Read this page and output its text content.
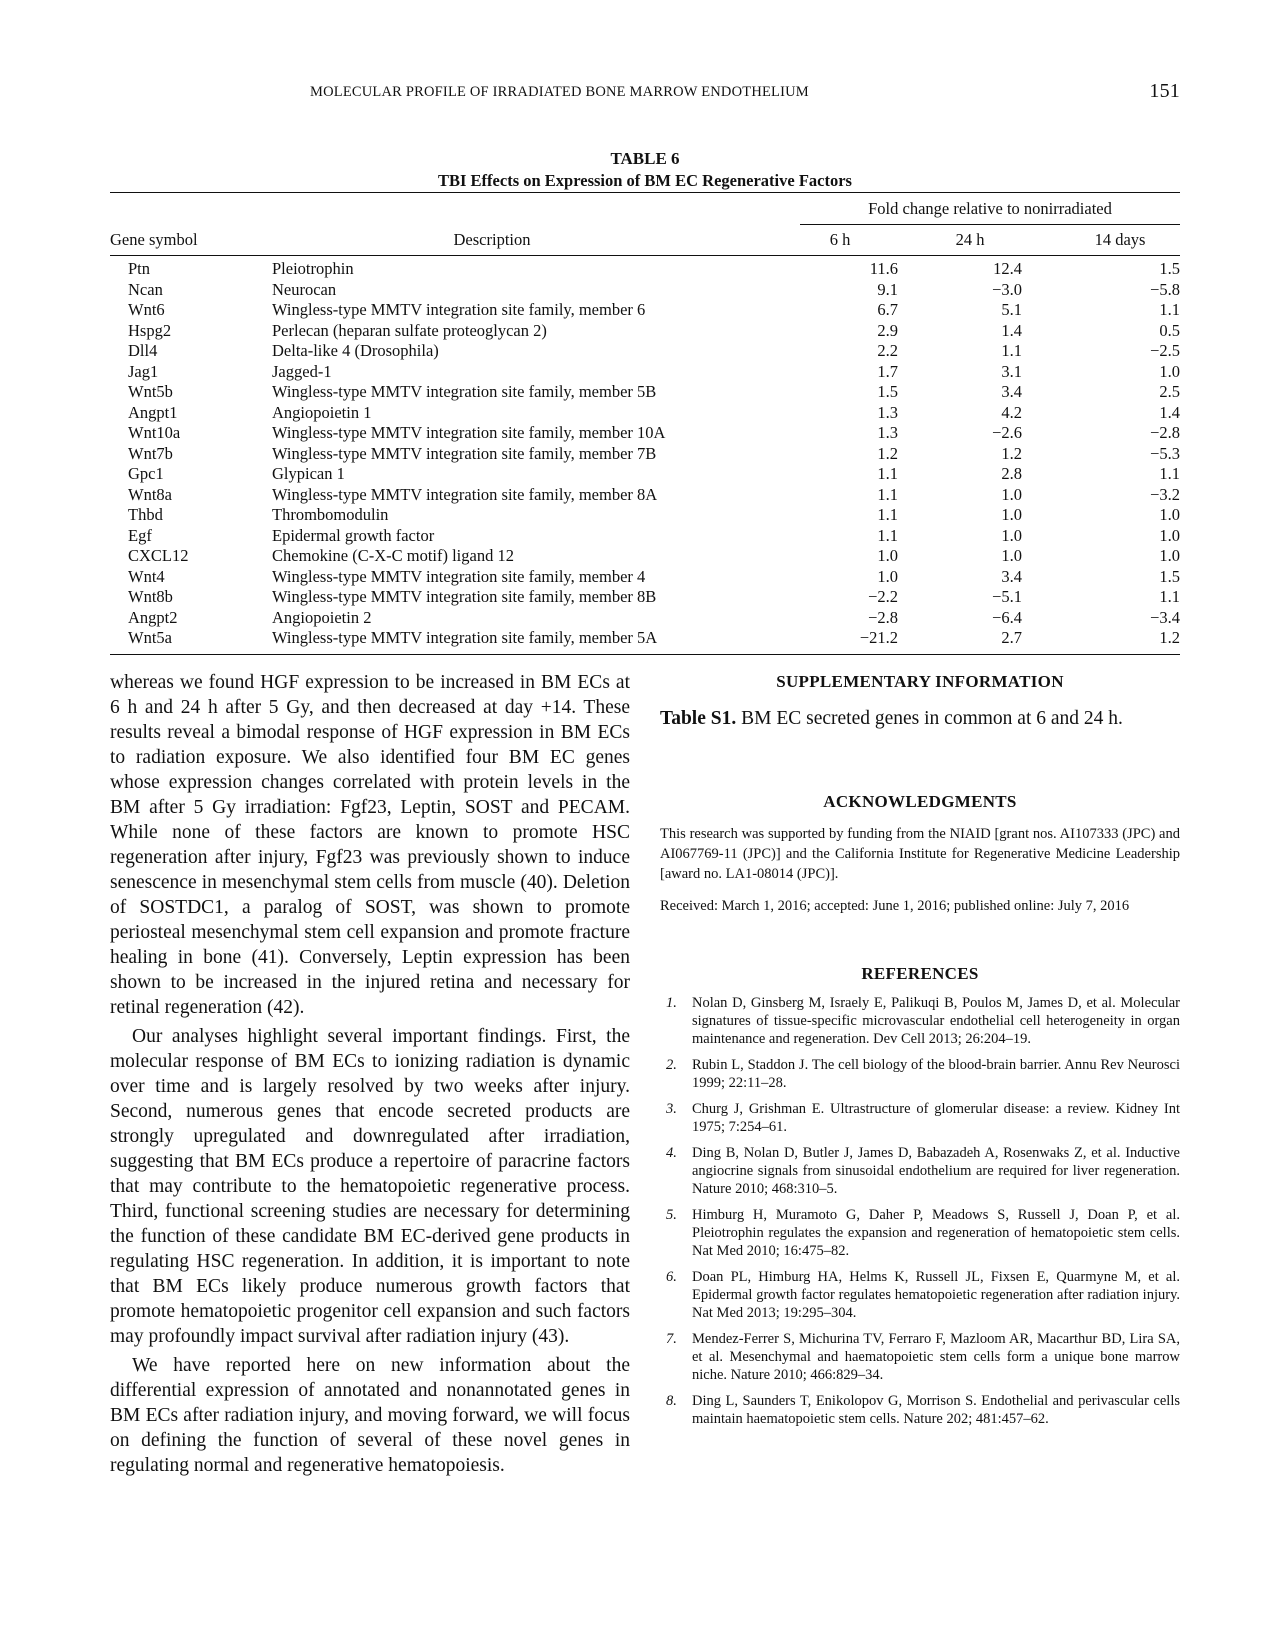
MOLECULAR PROFILE OF IRRADIATED BONE MARROW ENDOTHELIUM	151
TABLE 6
TBI Effects on Expression of BM EC Regenerative Factors
Fold change relative to nonirradiated
Gene symbol	Description	6 h	24 h	14 days
Ptn	Pleiotrophin	11.6	12.4	1.5
Ncan	Neurocan	9.1	−3.0	−5.8
Wnt6	Wingless-type MMTV integration site family, member 6	6.7	5.1	1.1
Hspg2	Perlecan (heparan sulfate proteoglycan 2)	2.9	1.4	0.5
Dll4	Delta-like 4 (Drosophila)	2.2	1.1	−2.5
Jag1	Jagged-1	1.7	3.1	1.0
Wnt5b	Wingless-type MMTV integration site family, member 5B	1.5	3.4	2.5
Angpt1	Angiopoietin 1	1.3	4.2	1.4
Wnt10a	Wingless-type MMTV integration site family, member 10A	1.3	−2.6	−2.8
Wnt7b	Wingless-type MMTV integration site family, member 7B	1.2	1.2	−5.3
Gpc1	Glypican 1	1.1	2.8	1.1
Wnt8a	Wingless-type MMTV integration site family, member 8A	1.1	1.0	−3.2
Thbd	Thrombomodulin	1.1	1.0	1.0
Egf	Epidermal growth factor	1.1	1.0	1.0
CXCL12	Chemokine (C-X-C motif) ligand 12	1.0	1.0	1.0
Wnt4	Wingless-type MMTV integration site family, member 4	1.0	3.4	1.5
Wnt8b	Wingless-type MMTV integration site family, member 8B	−2.2	−5.1	1.1
Angpt2	Angiopoietin 2	−2.8	−6.4	−3.4
Wnt5a	Wingless-type MMTV integration site family, member 5A	−21.2	2.7	1.2

whereas we found HGF expression to be increased in BM ECs at 6 h and 24 h after 5 Gy, and then decreased at day +14. These results reveal a bimodal response of HGF expression in BM ECs to radiation exposure. We also identified four BM EC genes whose expression changes correlated with protein levels in the BM after 5 Gy irradiation: Fgf23, Leptin, SOST and PECAM. While none of these factors are known to promote HSC regeneration after injury, Fgf23 was previously shown to induce senescence in mesenchymal stem cells from muscle (40). Deletion of SOSTDC1, a paralog of SOST, was shown to promote periosteal mesenchymal stem cell expansion and promote fracture healing in bone (41). Conversely, Leptin expression has been shown to be increased in the injured retina and necessary for retinal regeneration (42).

Our analyses highlight several important findings. First, the molecular response of BM ECs to ionizing radiation is dynamic over time and is largely resolved by two weeks after injury. Second, numerous genes that encode secreted products are strongly upregulated and downregulated after irradiation, suggesting that BM ECs produce a repertoire of paracrine factors that may contribute to the hematopoietic regenerative process. Third, functional screening studies are necessary for determining the function of these candidate BM EC-derived gene products in regulating HSC regeneration. In addition, it is important to note that BM ECs likely produce numerous growth factors that promote hematopoietic progenitor cell expansion and such factors may profoundly impact survival after radiation injury (43).

We have reported here on new information about the differential expression of annotated and nonannotated genes in BM ECs after radiation injury, and moving forward, we will focus on defining the function of several of these novel genes in regulating normal and regenerative hematopoiesis.

SUPPLEMENTARY INFORMATION
Table S1. BM EC secreted genes in common at 6 and 24 h.
ACKNOWLEDGMENTS
This research was supported by funding from the NIAID [grant nos. AI107333 (JPC) and AI067769-11 (JPC)] and the California Institute for Regenerative Medicine Leadership [award no. LA1-08014 (JPC)].
Received: March 1, 2016; accepted: June 1, 2016; published online: July 7, 2016
REFERENCES
1. Nolan D, Ginsberg M, Israely E, Palikuqi B, Poulos M, James D, et al. Molecular signatures of tissue-specific microvascular endothelial cell heterogeneity in organ maintenance and regeneration. Dev Cell 2013; 26:204–19.
2. Rubin L, Staddon J. The cell biology of the blood-brain barrier. Annu Rev Neurosci 1999; 22:11–28.
3. Churg J, Grishman E. Ultrastructure of glomerular disease: a review. Kidney Int 1975; 7:254–61.
4. Ding B, Nolan D, Butler J, James D, Babazadeh A, Rosenwaks Z, et al. Inductive angiocrine signals from sinusoidal endothelium are required for liver regeneration. Nature 2010; 468:310–5.
5. Himburg H, Muramoto G, Daher P, Meadows S, Russell J, Doan P, et al. Pleiotrophin regulates the expansion and regeneration of hematopoietic stem cells. Nat Med 2010; 16:475–82.
6. Doan PL, Himburg HA, Helms K, Russell JL, Fixsen E, Quarmyne M, et al. Epidermal growth factor regulates hematopoietic regeneration after radiation injury. Nat Med 2013; 19:295–304.
7. Mendez-Ferrer S, Michurina TV, Ferraro F, Mazloom AR, Macarthur BD, Lira SA, et al. Mesenchymal and haematopoietic stem cells form a unique bone marrow niche. Nature 2010; 466:829–34.
8. Ding L, Saunders T, Enikolopov G, Morrison S. Endothelial and perivascular cells maintain haematopoietic stem cells. Nature 202; 481:457–62.
